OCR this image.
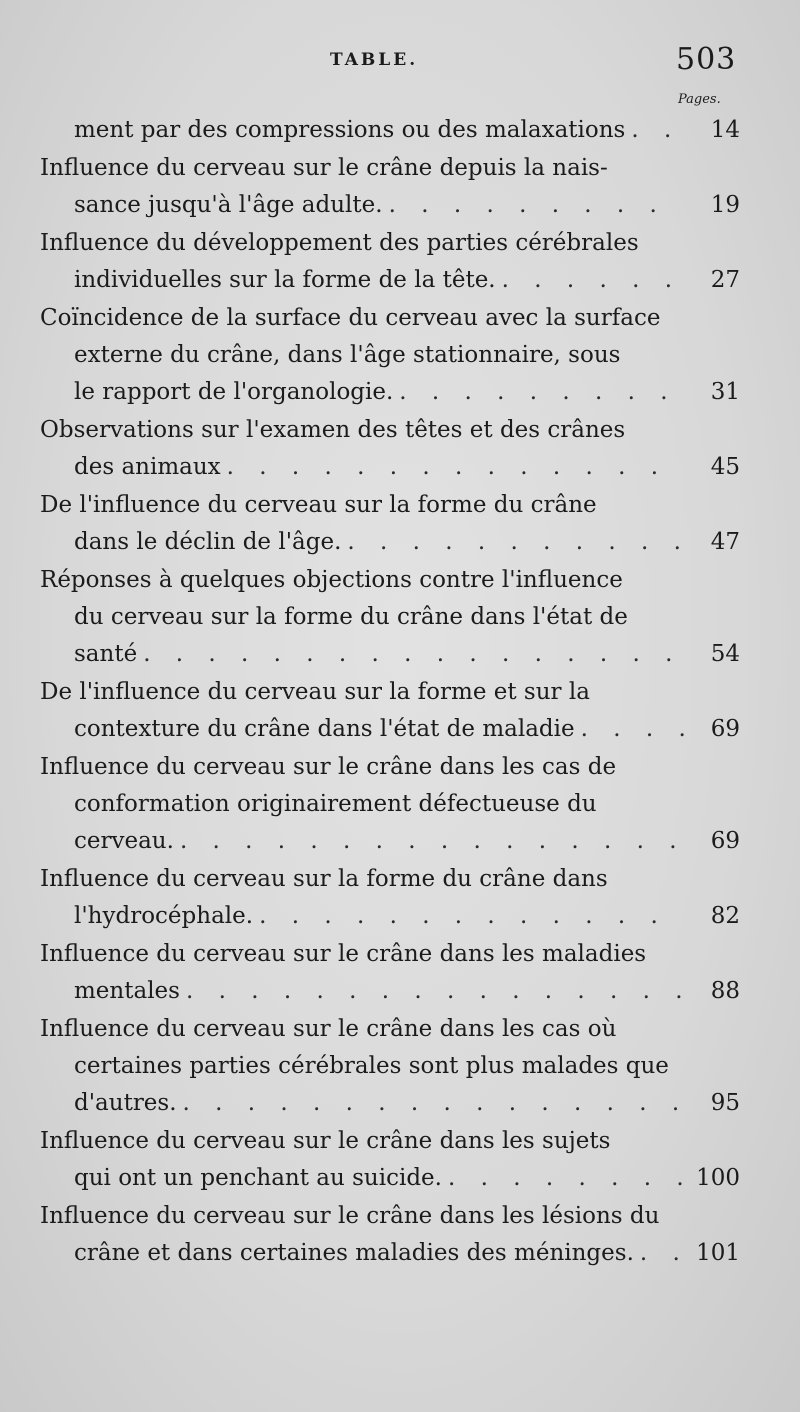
TABLE.	503
Pages.
ment par des compressions ou des malaxations . . .	14
Influence du cerveau sur le crâne depuis la nais-
sance jusqu'à l'âge adulte. . . .	19
Influence du développement des parties cérébrales
individuelles sur la forme de la tête. . . .	27
Coïncidence de la surface du cerveau avec la surface
externe du crâne, dans l'âge stationnaire, sous
le rapport de l'organologie. . . .	31
Observations sur l'examen des têtes et des crânes
des animaux . . .	45
De l'influence du cerveau sur la forme du crâne
dans le déclin de l'âge. . . .	47
Réponses à quelques objections contre l'influence
du cerveau sur la forme du crâne dans l'état de
santé . . .	54
De l'influence du cerveau sur la forme et sur la
contexture du crâne dans l'état de maladie . . .	69
Influence du cerveau sur le crâne dans les cas de
conformation originairement défectueuse du
cerveau. . . .	69
Influence du cerveau sur la forme du crâne dans
l'hydrocéphale. . . .	82
Influence du cerveau sur le crâne dans les maladies
mentales . . .	88
Influence du cerveau sur le crâne dans les cas où
certaines parties cérébrales sont plus malades que
d'autres. . . .	95
Influence du cerveau sur le crâne dans les sujets
qui ont un penchant au suicide. . . .	100
Influence du cerveau sur le crâne dans les lésions du
crâne et dans certaines maladies des méninges. . . .	101
